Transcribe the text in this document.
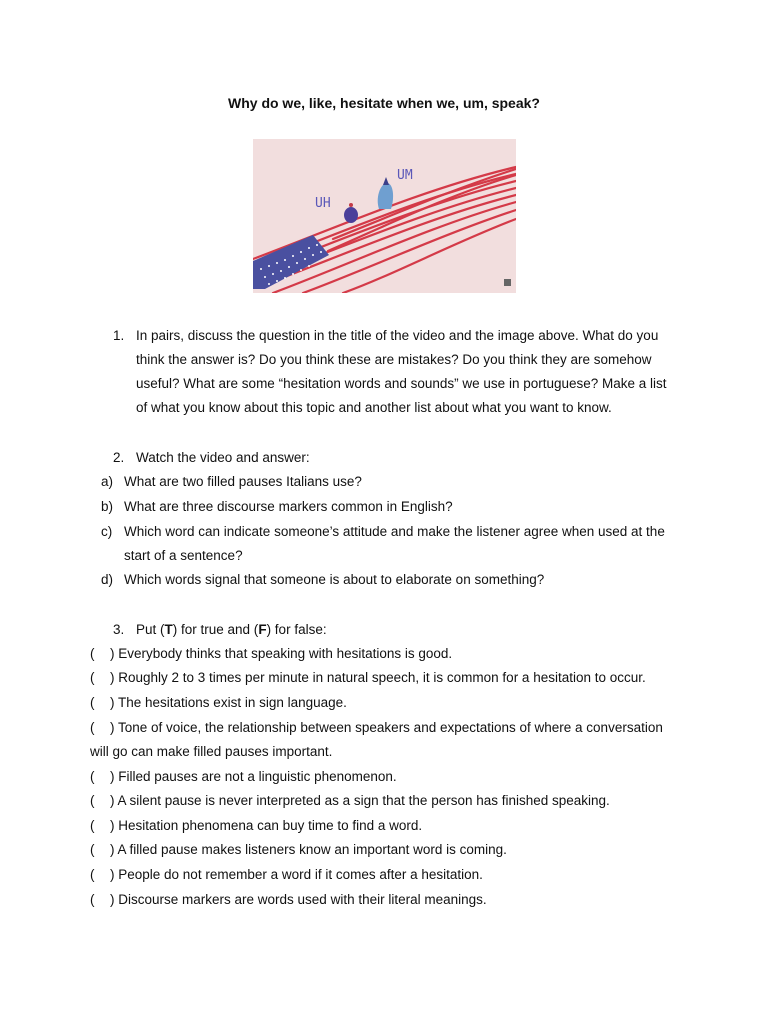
Why do we, like, hesitate when we, um, speak?
UH
UM
1. In pairs, discuss the question in the title of the video and the image above. What do you
think the answer is? Do you think these are mistakes? Do you think they are somehow
useful? What are some “hesitation words and sounds” we use in portuguese? Make a list
of what you know about this topic and another list about what you want to know.
2. Watch the video and answer:
a) What are two filled pauses Italians use?
b) What are three discourse markers common in English?
c) Which word can indicate someone’s attitude and make the listener agree when used at the
start of a sentence?
d) Which words signal that someone is about to elaborate on something?
3. Put (T) for true and (F) for false:
( ) Everybody thinks that speaking with hesitations is good.
( ) Roughly 2 to 3 times per minute in natural speech, it is common for a hesitation to occur.
( ) The hesitations exist in sign language.
( ) Tone of voice, the relationship between speakers and expectations of where a conversation
will go can make filled pauses important.
( ) Filled pauses are not a linguistic phenomenon.
( ) A silent pause is never interpreted as a sign that the person has finished speaking.
( ) Hesitation phenomena can buy time to find a word.
( ) A filled pause makes listeners know an important word is coming.
( ) People do not remember a word if it comes after a hesitation.
( ) Discourse markers are words used with their literal meanings.
